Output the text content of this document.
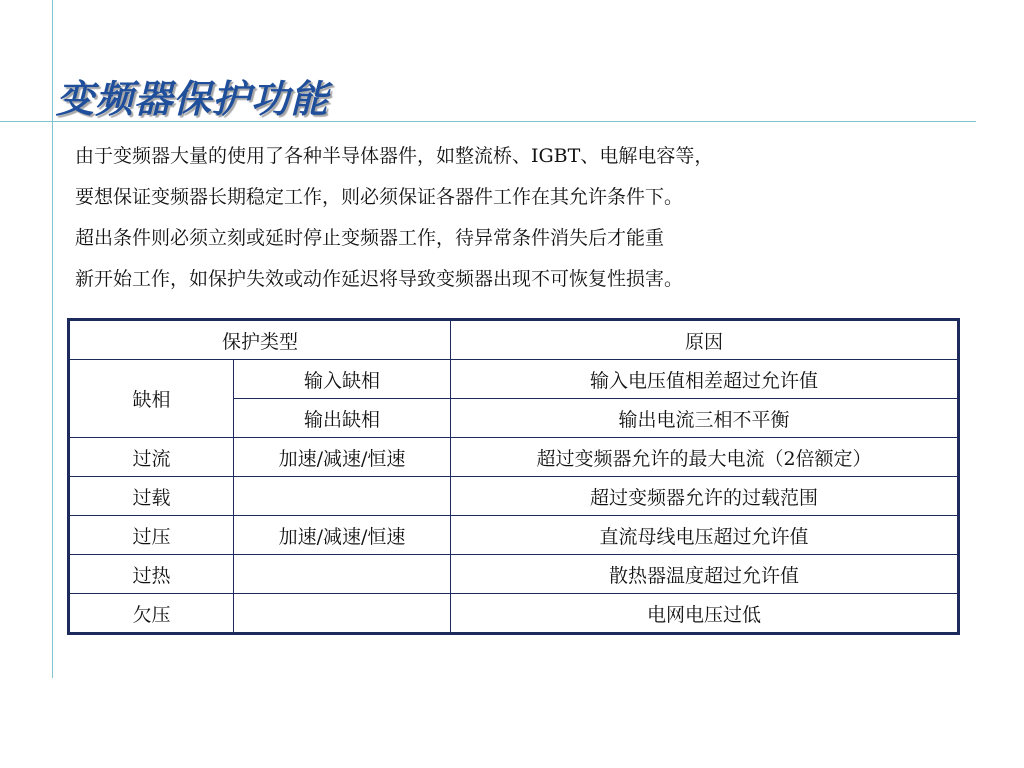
变频器保护功能
由于变频器大量的使用了各种半导体器件，如整流桥、IGBT、电解电容等，
要想保证变频器长期稳定工作，则必须保证各器件工作在其允许条件下。
超出条件则必须立刻或延时停止变频器工作，待异常条件消失后才能重
新开始工作，如保护失效或动作延迟将导致变频器出现不可恢复性损害。
保护类型		原因
缺相	输入缺相	输入电压值相差超过允许值
	输出缺相	输出电流三相不平衡
过流	加速/减速/恒速	超过变频器允许的最大电流（2倍额定）
过载		超过变频器允许的过载范围
过压	加速/减速/恒速	直流母线电压超过允许值
过热		散热器温度超过允许值
欠压		电网电压过低
